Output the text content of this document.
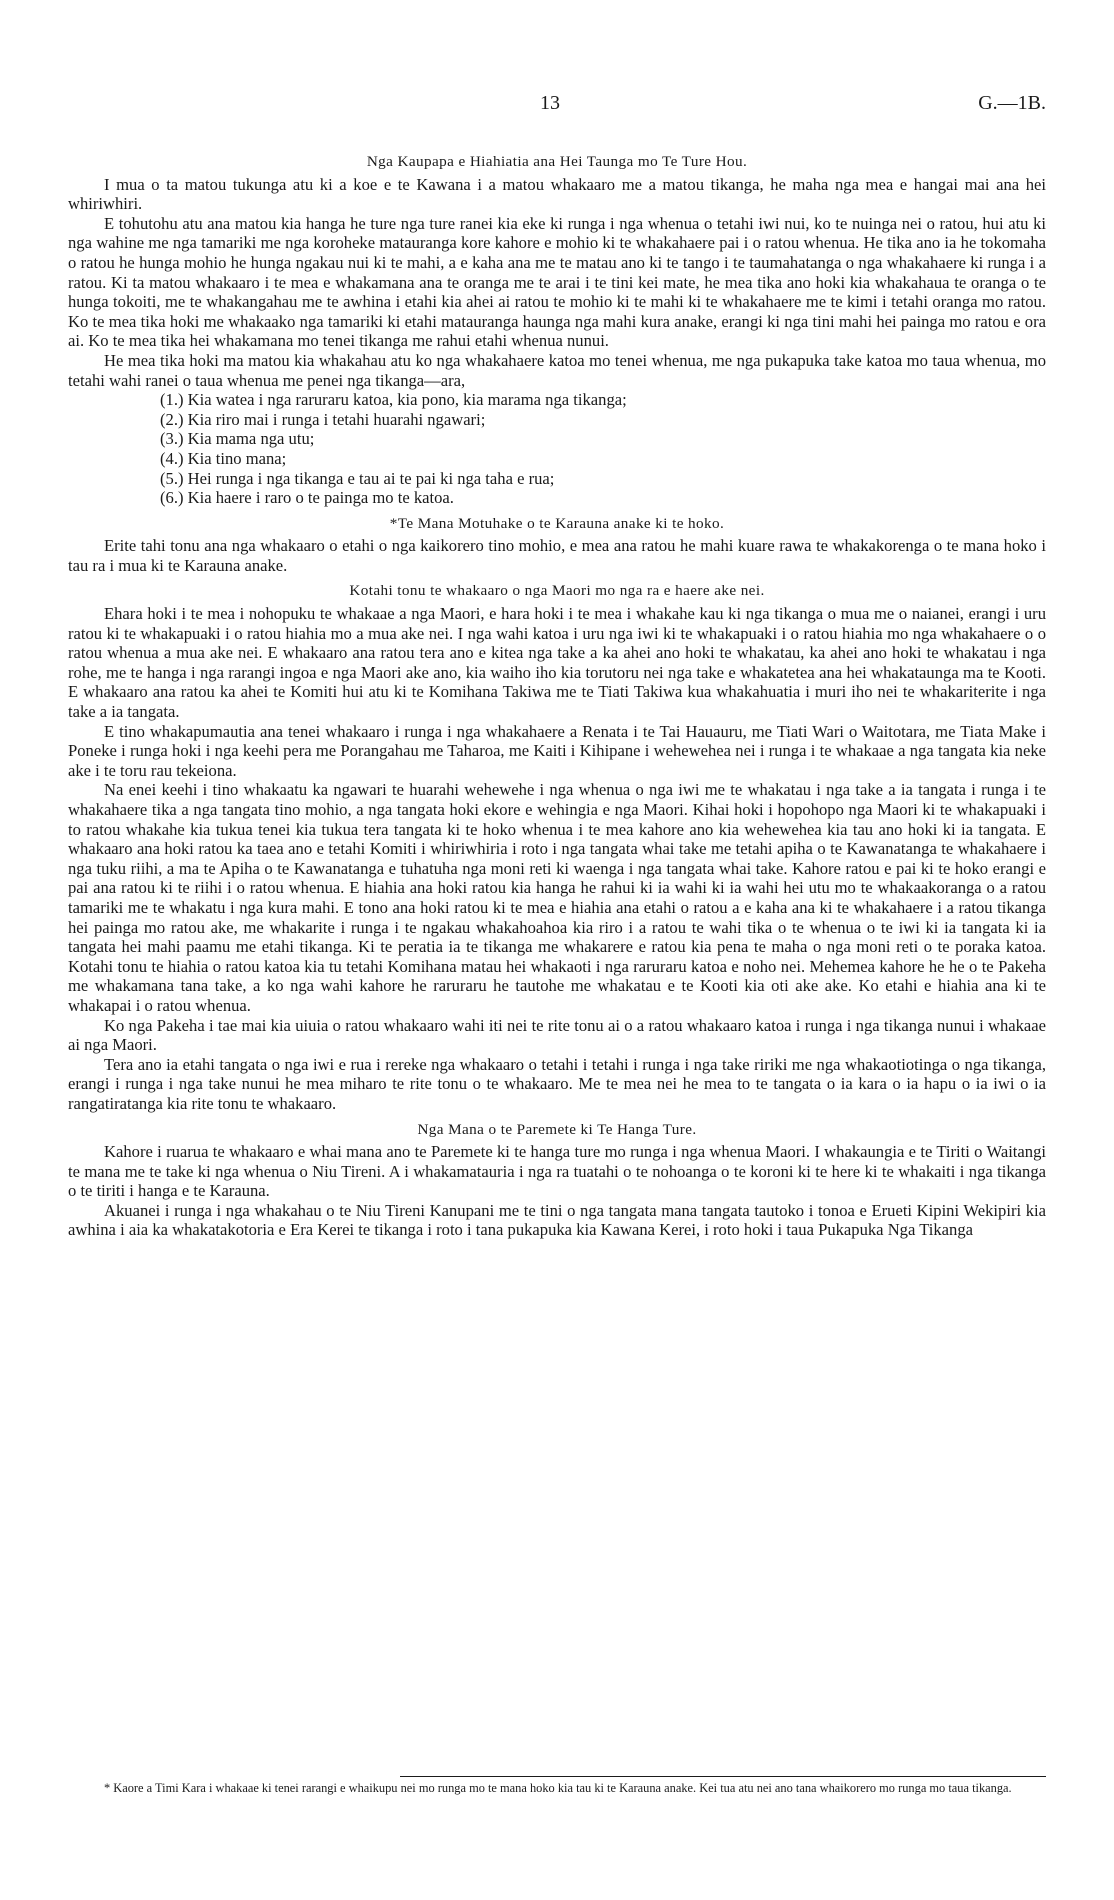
13	G.—1B.
Nga Kaupapa e Hiahiatia ana Hei Taunga mo Te Ture Hou.

I mua o ta matou tukunga atu ki a koe e te Kawana i a matou whakaaro me a matou tikanga, he maha nga mea e hangai mai ana hei whiriwhiri.

E tohutohu atu ana matou kia hanga he ture nga ture ranei kia eke ki runga i nga whenua o tetahi iwi nui, ko te nuinga nei o ratou, hui atu ki nga wahine me nga tamariki me nga koroheke matauranga kore kahore e mohio ki te whakahaere pai i o ratou whenua. He tika ano ia he tokomaha o ratou he hunga mohio he hunga ngakau nui ki te mahi, a e kaha ana me te matau ano ki te tango i te taumahatanga o nga whakahaere ki runga i a ratou. Ki ta matou whakaaro i te mea e whakamana ana te oranga me te arai i te tini kei mate, he mea tika ano hoki kia whakahaua te oranga o te hunga tokoiti, me te whakangahau me te awhina i etahi kia ahei ai ratou te mohio ki te mahi ki te whakahaere me te kimi i tetahi oranga mo ratou. Ko te mea tika hoki me whakaako nga tamariki ki etahi matauranga haunga nga mahi kura anake, erangi ki nga tini mahi hei painga mo ratou e ora ai. Ko te mea tika hei whakamana mo tenei tikanga me rahui etahi whenua nunui.

He mea tika hoki ma matou kia whakahau atu ko nga whakahaere katoa mo tenei whenua, me nga pukapuka take katoa mo taua whenua, mo tetahi wahi ranei o taua whenua me penei nga tikanga—ara,

(1.) Kia watea i nga raruraru katoa, kia pono, kia marama nga tikanga;
(2.) Kia riro mai i runga i tetahi huarahi ngawari;
(3.) Kia mama nga utu;
(4.) Kia tino mana;
(5.) Hei runga i nga tikanga e tau ai te pai ki nga taha e rua;
(6.) Kia haere i raro o te painga mo te katoa.
*Te Mana Motuhake o te Karauna anake ki te hoko.

Erite tahi tonu ana nga whakaaro o etahi o nga kaikorero tino mohio, e mea ana ratou he mahi kuare rawa te whakakorenga o te mana hoko i tau ra i mua ki te Karauna anake.

Kotahi tonu te whakaaro o nga Maori mo nga ra e haere ake nei.

Ehara hoki i te mea i nohopuku te whakaae a nga Maori, e hara hoki i te mea i whakahe kau ki nga tikanga o mua me o naianei, erangi i uru ratou ki te whakapuaki i o ratou hiahia mo a mua ake nei. I nga wahi katoa i uru nga iwi ki te whakapuaki i o ratou hiahia mo nga whakahaere o o ratou whenua a mua ake nei. E whakaaro ana ratou tera ano e kitea nga take a ka ahei ano hoki te whakatau, ka ahei ano hoki te whakatau i nga rohe, me te hanga i nga rarangi ingoa e nga Maori ake ano, kia waiho iho kia torutoru nei nga take e whakatetea ana hei whakataunga ma te Kooti. E whakaaro ana ratou ka ahei te Komiti hui atu ki te Komihana Takiwa me te Tiati Takiwa kua whakahuatia i muri iho nei te whakariterite i nga take a ia tangata.

E tino whakapumautia ana tenei whakaaro i runga i nga whakahaere a Renata i te Tai Hauauru, me Tiati Wari o Waitotara, me Tiata Make i Poneke i runga hoki i nga keehi pera me Porangahau me Taharoa, me Kaiti i Kihipane i wehewehea nei i runga i te whakaae a nga tangata kia neke ake i te toru rau tekeiona.

Na enei keehi i tino whakaatu ka ngawari te huarahi wehewehe i nga whenua o nga iwi me te whakatau i nga take a ia tangata i runga i te whakahaere tika a nga tangata tino mohio, a nga tangata hoki ekore e wehingia e nga Maori. Kihai hoki i hopohopo nga Maori ki te whakapuaki i to ratou whakahe kia tukua tenei kia tukua tera tangata ki te hoko whenua i te mea kahore ano kia wehewehea kia tau ano hoki ki ia tangata. E whakaaro ana hoki ratou ka taea ano e tetahi Komiti i whiriwhiria i roto i nga tangata whai take me tetahi apiha o te Kawanatanga te whakahaere i nga tuku riihi, a ma te Apiha o te Kawanatanga e tuhatuha nga moni reti ki waenga i nga tangata whai take. Kahore ratou e pai ki te hoko erangi e pai ana ratou ki te riihi i o ratou whenua. E hiahia ana hoki ratou kia hanga he rahui ki ia wahi ki ia wahi hei utu mo te whakaakoranga o a ratou tamariki me te whakatu i nga kura mahi. E tono ana hoki ratou ki te mea e hiahia ana etahi o ratou a e kaha ana ki te whakahaere i a ratou tikanga hei painga mo ratou ake, me whakarite i runga i te ngakau whakahoahoa kia riro i a ratou te wahi tika o te whenua o te iwi ki ia tangata ki ia tangata hei mahi paamu me etahi tikanga. Ki te peratia ia te tikanga me whakarere e ratou kia pena te maha o nga moni reti o te poraka katoa. Kotahi tonu te hiahia o ratou katoa kia tu tetahi Komihana matau hei whakaoti i nga raruraru katoa e noho nei. Mehemea kahore he he o te Pakeha me whakamana tana take, a ko nga wahi kahore he raruraru he tautohe me whakatau e te Kooti kia oti ake ake. Ko etahi e hiahia ana ki te whakapai i o ratou whenua.

Ko nga Pakeha i tae mai kia uiuia o ratou whakaaro wahi iti nei te rite tonu ai o a ratou whakaaro katoa i runga i nga tikanga nunui i whakaae ai nga Maori.

Tera ano ia etahi tangata o nga iwi e rua i rereke nga whakaaro o tetahi i tetahi i runga i nga take ririki me nga whakaotiotinga o nga tikanga, erangi i runga i nga take nunui he mea miharo te rite tonu o te whakaaro. Me te mea nei he mea to te tangata o ia kara o ia hapu o ia iwi o ia rangatiratanga kia rite tonu te whakaaro.

Nga Mana o te Paremete ki Te Hanga Ture.

Kahore i ruarua te whakaaro e whai mana ano te Paremete ki te hanga ture mo runga i nga whenua Maori. I whakaungia e te Tiriti o Waitangi te mana me te take ki nga whenua o Niu Tireni. A i whakamatauria i nga ra tuatahi o te nohoanga o te koroni ki te here ki te whakaiti i nga tikanga o te tiriti i hanga e te Karauna.

Akuanei i runga i nga whakahau o te Niu Tireni Kanupani me te tini o nga tangata mana tangata tautoko i tonoa e Erueti Kipini Wekipiri kia awhina i aia ka whakatakotoria e Era Kerei te tikanga i roto i tana pukapuka kia Kawana Kerei, i roto hoki i taua Pukapuka Nga Tikanga

* Kaore a Timi Kara i whakaae ki tenei rarangi e whaikupu nei mo runga mo te mana hoko kia tau ki te Karauna anake. Kei tua atu nei ano tana whaikorero mo runga mo taua tikanga.
